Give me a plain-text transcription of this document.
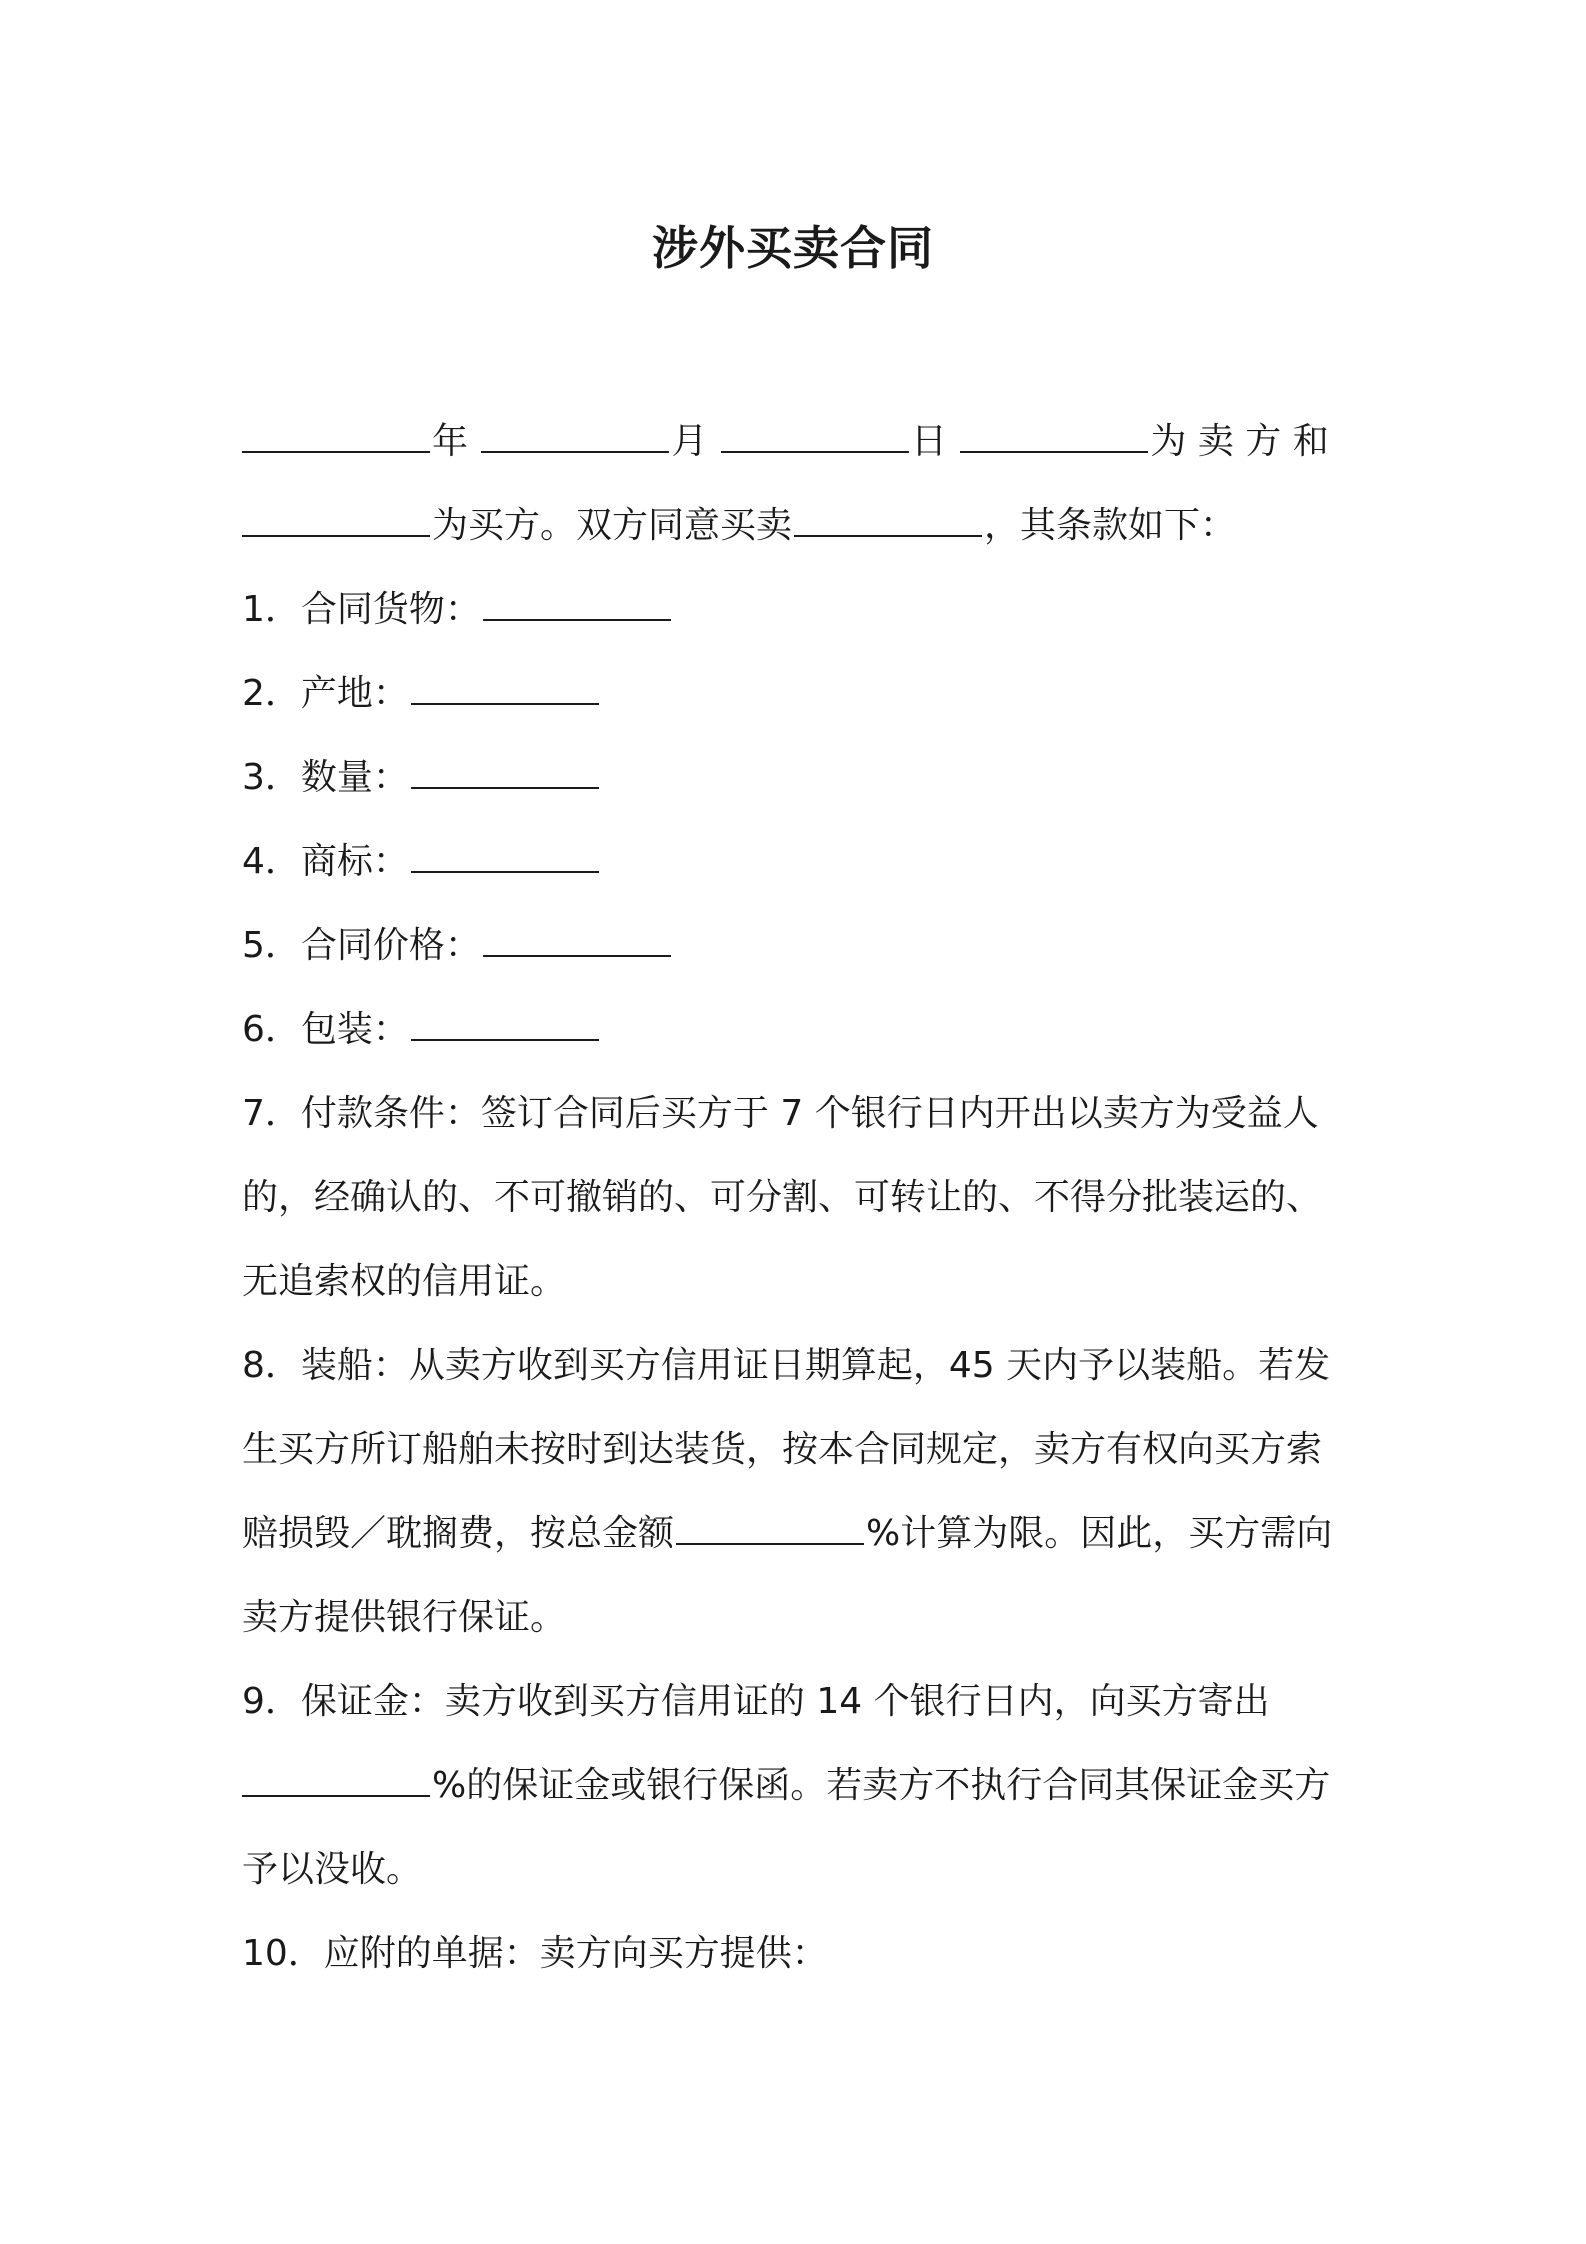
涉外买卖合同
年	月	日	为 卖 方 和
为买方。双方同意买卖	，其条款如下：
1．合同货物：
2．产地：
3．数量：
4．商标：
5．合同价格：
6．包装：
7．付款条件：签订合同后买方于 7 个银行日内开出以卖方为受益人
的，经确认的、不可撤销的、可分割、可转让的、不得分批装运的、
无追索权的信用证。
8．装船：从卖方收到买方信用证日期算起，45 天内予以装船。若发
生买方所订船舶未按时到达装货，按本合同规定，卖方有权向买方索
赔损毁／耽搁费，按总金额	%计算为限。因此，买方需向
卖方提供银行保证。
9．保证金：卖方收到买方信用证的 14 个银行日内，向买方寄出
%的保证金或银行保函。若卖方不执行合同其保证金买方
予以没收。
10．应附的单据：卖方向买方提供：
